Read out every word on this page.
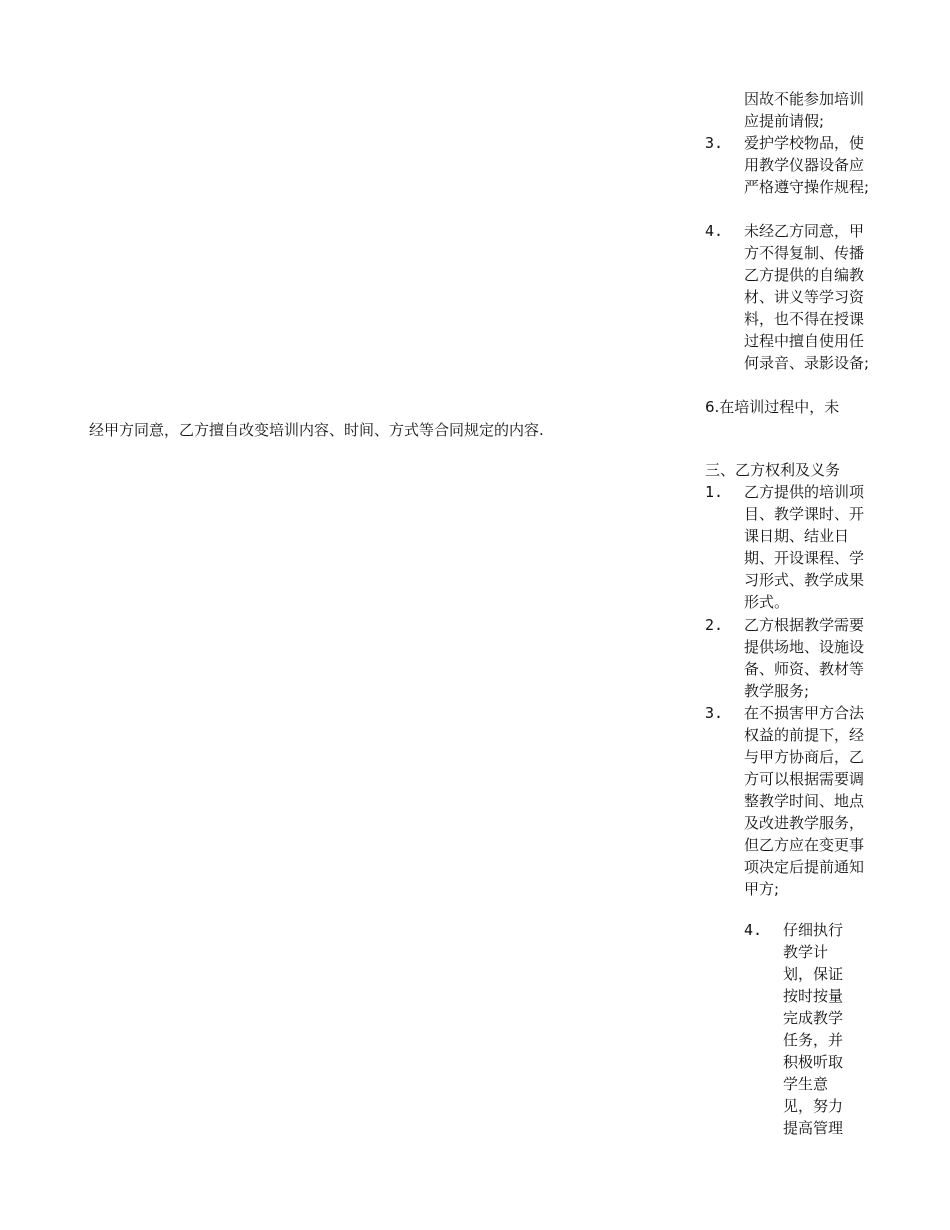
因故不能参加培训应提前请假;
3. 爱护学校物品，使用教学仪器设备应严格遵守操作规程;
4. 未经乙方同意，甲方不得复制、传播乙方提供的自编教材、讲义等学习资料，也不得在授课过程中擅自使用任何录音、录影设备;
6.在培训过程中，未
经甲方同意，乙方擅自改变培训内容、时间、方式等合同规定的内容.
三、乙方权利及义务
1. 乙方提供的培训项目、教学课时、开课日期、结业日期、开设课程、学习形式、教学成果形式。
2. 乙方根据教学需要提供场地、设施设备、师资、教材等教学服务;
3. 在不损害甲方合法权益的前提下，经与甲方协商后，乙方可以根据需要调整教学时间、地点及改进教学服务，但乙方应在变更事项决定后提前通知甲方;
4. 仔细执行教学计划，保证按时按量完成教学任务，并积极听取学生意见，努力提高管理
